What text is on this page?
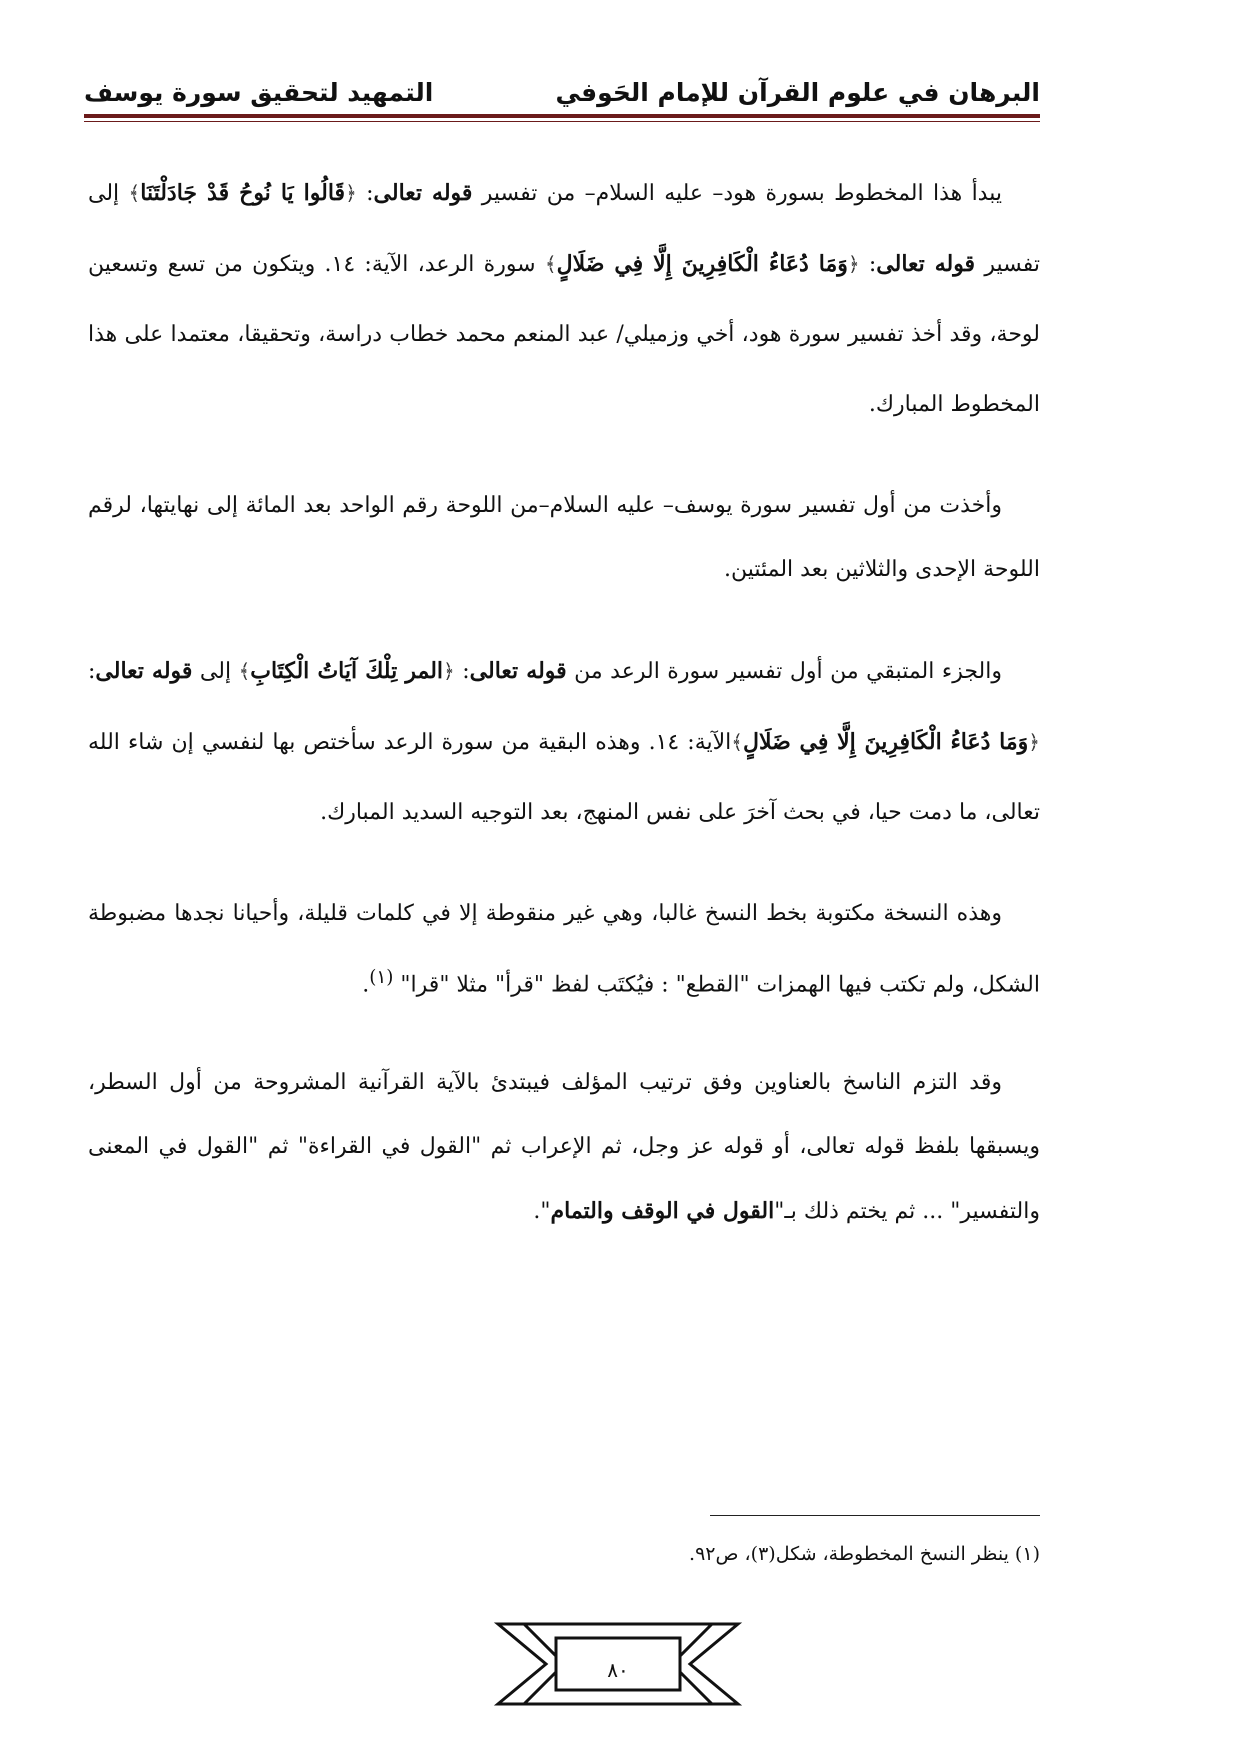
البرهان في علوم القرآن للإمام الحَوفي
التمهيد لتحقيق سورة يوسف

يبدأ هذا المخطوط بسورة هود– عليه السلام– من تفسير قوله تعالى: ﴿قَالُوا يَا نُوحُ قَدْ جَادَلْتَنَا﴾ إلى تفسير قوله تعالى: ﴿وَمَا دُعَاءُ الْكَافِرِينَ إِلَّا فِي ضَلَالٍ﴾ سورة الرعد، الآية: ١٤. ويتكون من تسع وتسعين لوحة، وقد أخذ تفسير سورة هود، أخي وزميلي/ عبد المنعم محمد خطاب دراسة، وتحقيقا، معتمدا على هذا المخطوط المبارك.

وأخذت من أول تفسير سورة يوسف– عليه السلام–من اللوحة رقم الواحد بعد المائة إلى نهايتها، لرقم اللوحة الإحدى والثلاثين بعد المئتين.

والجزء المتبقي من أول تفسير سورة الرعد من قوله تعالى: ﴿المر تِلْكَ آيَاتُ الْكِتَابِ﴾ إلى قوله تعالى: ﴿وَمَا دُعَاءُ الْكَافِرِينَ إِلَّا فِي ضَلَالٍ﴾الآية: ١٤. وهذه البقية من سورة الرعد سأختص بها لنفسي إن شاء الله تعالى، ما دمت حيا، في بحث آخرَ على نفس المنهج، بعد التوجيه السديد المبارك.

وهذه النسخة مكتوبة بخط النسخ غالبا، وهي غير منقوطة إلا في كلمات قليلة، وأحيانا نجدها مضبوطة الشكل، ولم تكتب فيها الهمزات "القطع" : فيُكتَب لفظ "قرأ" مثلا "قرا" $^{(١)}$.

وقد التزم الناسخ بالعناوين وفق ترتيب المؤلف فيبتدئ بالآية القرآنية المشروحة من أول السطر، ويسبقها بلفظ قوله تعالى، أو قوله عز وجل، ثم الإعراب ثم "القول في القراءة" ثم "القول في المعنى والتفسير" ... ثم يختم ذلك بـ"القول في الوقف والتمام".

(١) ينظر النسخ المخطوطة، شكل(٣)، ص٩٢.
٨٠
